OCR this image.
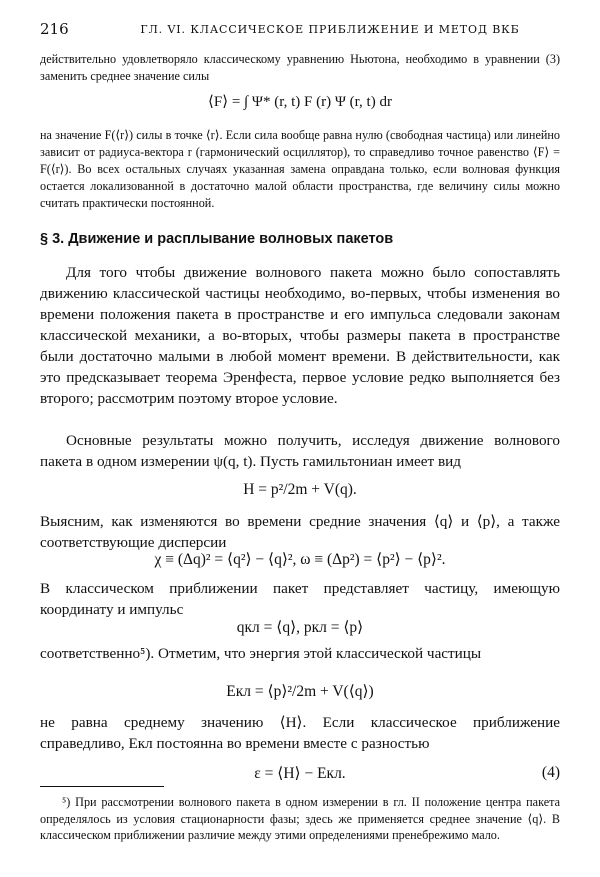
216	ГЛ. VI. КЛАССИЧЕСКОЕ ПРИБЛИЖЕНИЕ И МЕТОД ВКБ

действительно удовлетворяло классическому уравнению Ньютона, необходимо в уравнении (3) заменить среднее значение силы

⟨F⟩ = ∫ Ψ* (r, t) F (r) Ψ (r, t) dr

на значение F(⟨r⟩) силы в точке ⟨r⟩. Если сила вообще равна нулю (свободная частица) или линейно зависит от радиуса-вектора r (гармонический осциллятор), то справедливо точное равенство ⟨F⟩ = F(⟨r⟩). Во всех остальных случаях указанная замена оправдана только, если волновая функция остается локализованной в достаточно малой области пространства, где величину силы можно считать практически постоянной.

§ 3. Движение и расплывание волновых пакетов

Для того чтобы движение волнового пакета можно было сопоставлять движению классической частицы необходимо, во-первых, чтобы изменения во времени положения пакета в пространстве и его импульса следовали законам классической механики, а во-вторых, чтобы размеры пакета в пространстве были достаточно малыми в любой момент времени. В действительности, как это предсказывает теорема Эренфеста, первое условие редко выполняется без второго; рассмотрим поэтому второе условие.

Основные результаты можно получить, исследуя движение волнового пакета в одном измерении ψ(q, t). Пусть гамильтониан имеет вид

H = p²/2m + V(q).

Выясним, как изменяются во времени средние значения ⟨q⟩ и ⟨p⟩, а также соответствующие дисперсии

χ ≡ (Δq)² = ⟨q²⟩ − ⟨q⟩², ω ≡ (Δp²) = ⟨p²⟩ − ⟨p⟩².

В классическом приближении пакет представляет частицу, имеющую координату и импульс

qкл = ⟨q⟩, pкл = ⟨p⟩

соответственно⁵). Отметим, что энергия этой классической частицы

Eкл = ⟨p⟩²/2m + V(⟨q⟩)

не равна среднему значению ⟨H⟩. Если классическое приближение справедливо, Eкл постоянна во времени вместе с разностью

ε = ⟨H⟩ − Eкл.	(4)

⁵) При рассмотрении волнового пакета в одном измерении в гл. II положение центра пакета определялось из условия стационарности фазы; здесь же применяется среднее значение ⟨q⟩. В классическом приближении различие между этими определениями пренебрежимо мало.
